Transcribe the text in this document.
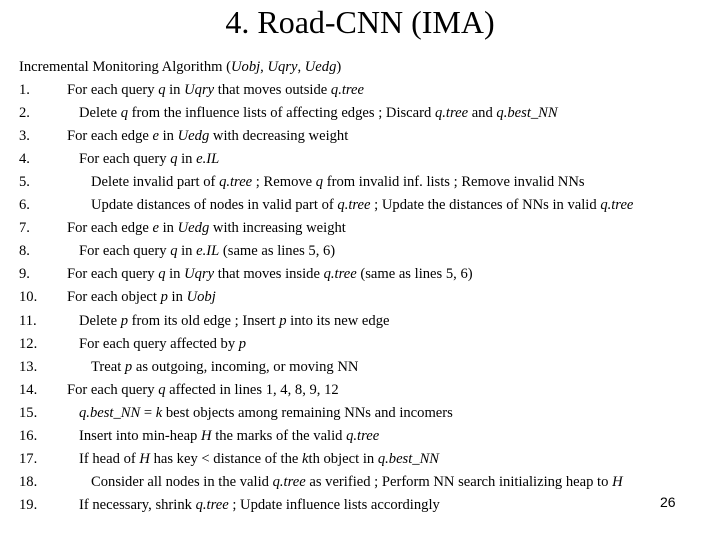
4. Road-CNN (IMA)
Incremental Monitoring Algorithm (Uobj, Uqry, Uedg)
1.	For each query q in Uqry that moves outside q.tree
2.	Delete q from the influence lists of affecting edges ; Discard q.tree and q.best_NN
3.	For each edge e in Uedg with decreasing weight
4.	For each query q in e.IL
5.	Delete invalid part of q.tree ; Remove q from invalid inf. lists ; Remove invalid NNs
6.	Update distances of nodes in valid part of q.tree ; Update the distances of NNs in valid q.tree
7.	For each edge e in Uedg with increasing weight
8.	For each query q in e.IL (same as lines 5, 6)
9.	For each query q in Uqry that moves inside q.tree (same as lines 5, 6)
10. For each object p in Uobj
11.	Delete p from its old edge ; Insert p into its new edge
12.	For each query affected by p
13.	Treat p as outgoing, incoming, or moving NN
14. For each query q affected in lines 1, 4, 8, 9, 12
15.	q.best_NN = k best objects among remaining NNs and incomers
16.	Insert into min-heap H the marks of the valid q.tree
17.	If head of H has key < distance of the kth object in q.best_NN
18.	Consider all nodes in the valid q.tree as verified ; Perform NN search initializing heap to H
19.	If necessary, shrink q.tree ; Update influence lists accordingly	26
